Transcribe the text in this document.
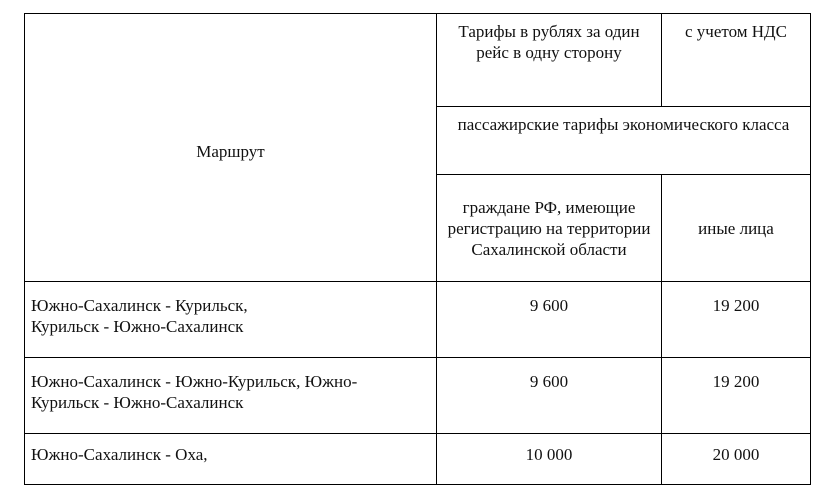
Маршрут	Тарифы в рублях за один рейс в одну сторону	с учетом НДС
	пассажирские тарифы экономического класса	
	граждане РФ, имеющие регистрацию на территории Сахалинской области	иные лица

Южно-Сахалинск - Курильск,
Курильск - Южно-Сахалинск	9 600	19 200

Южно-Сахалинск - Южно-Курильск, Южно-
Курильск - Южно-Сахалинск	9 600	19 200

Южно-Сахалинск - Оха,	10 000	20 000
